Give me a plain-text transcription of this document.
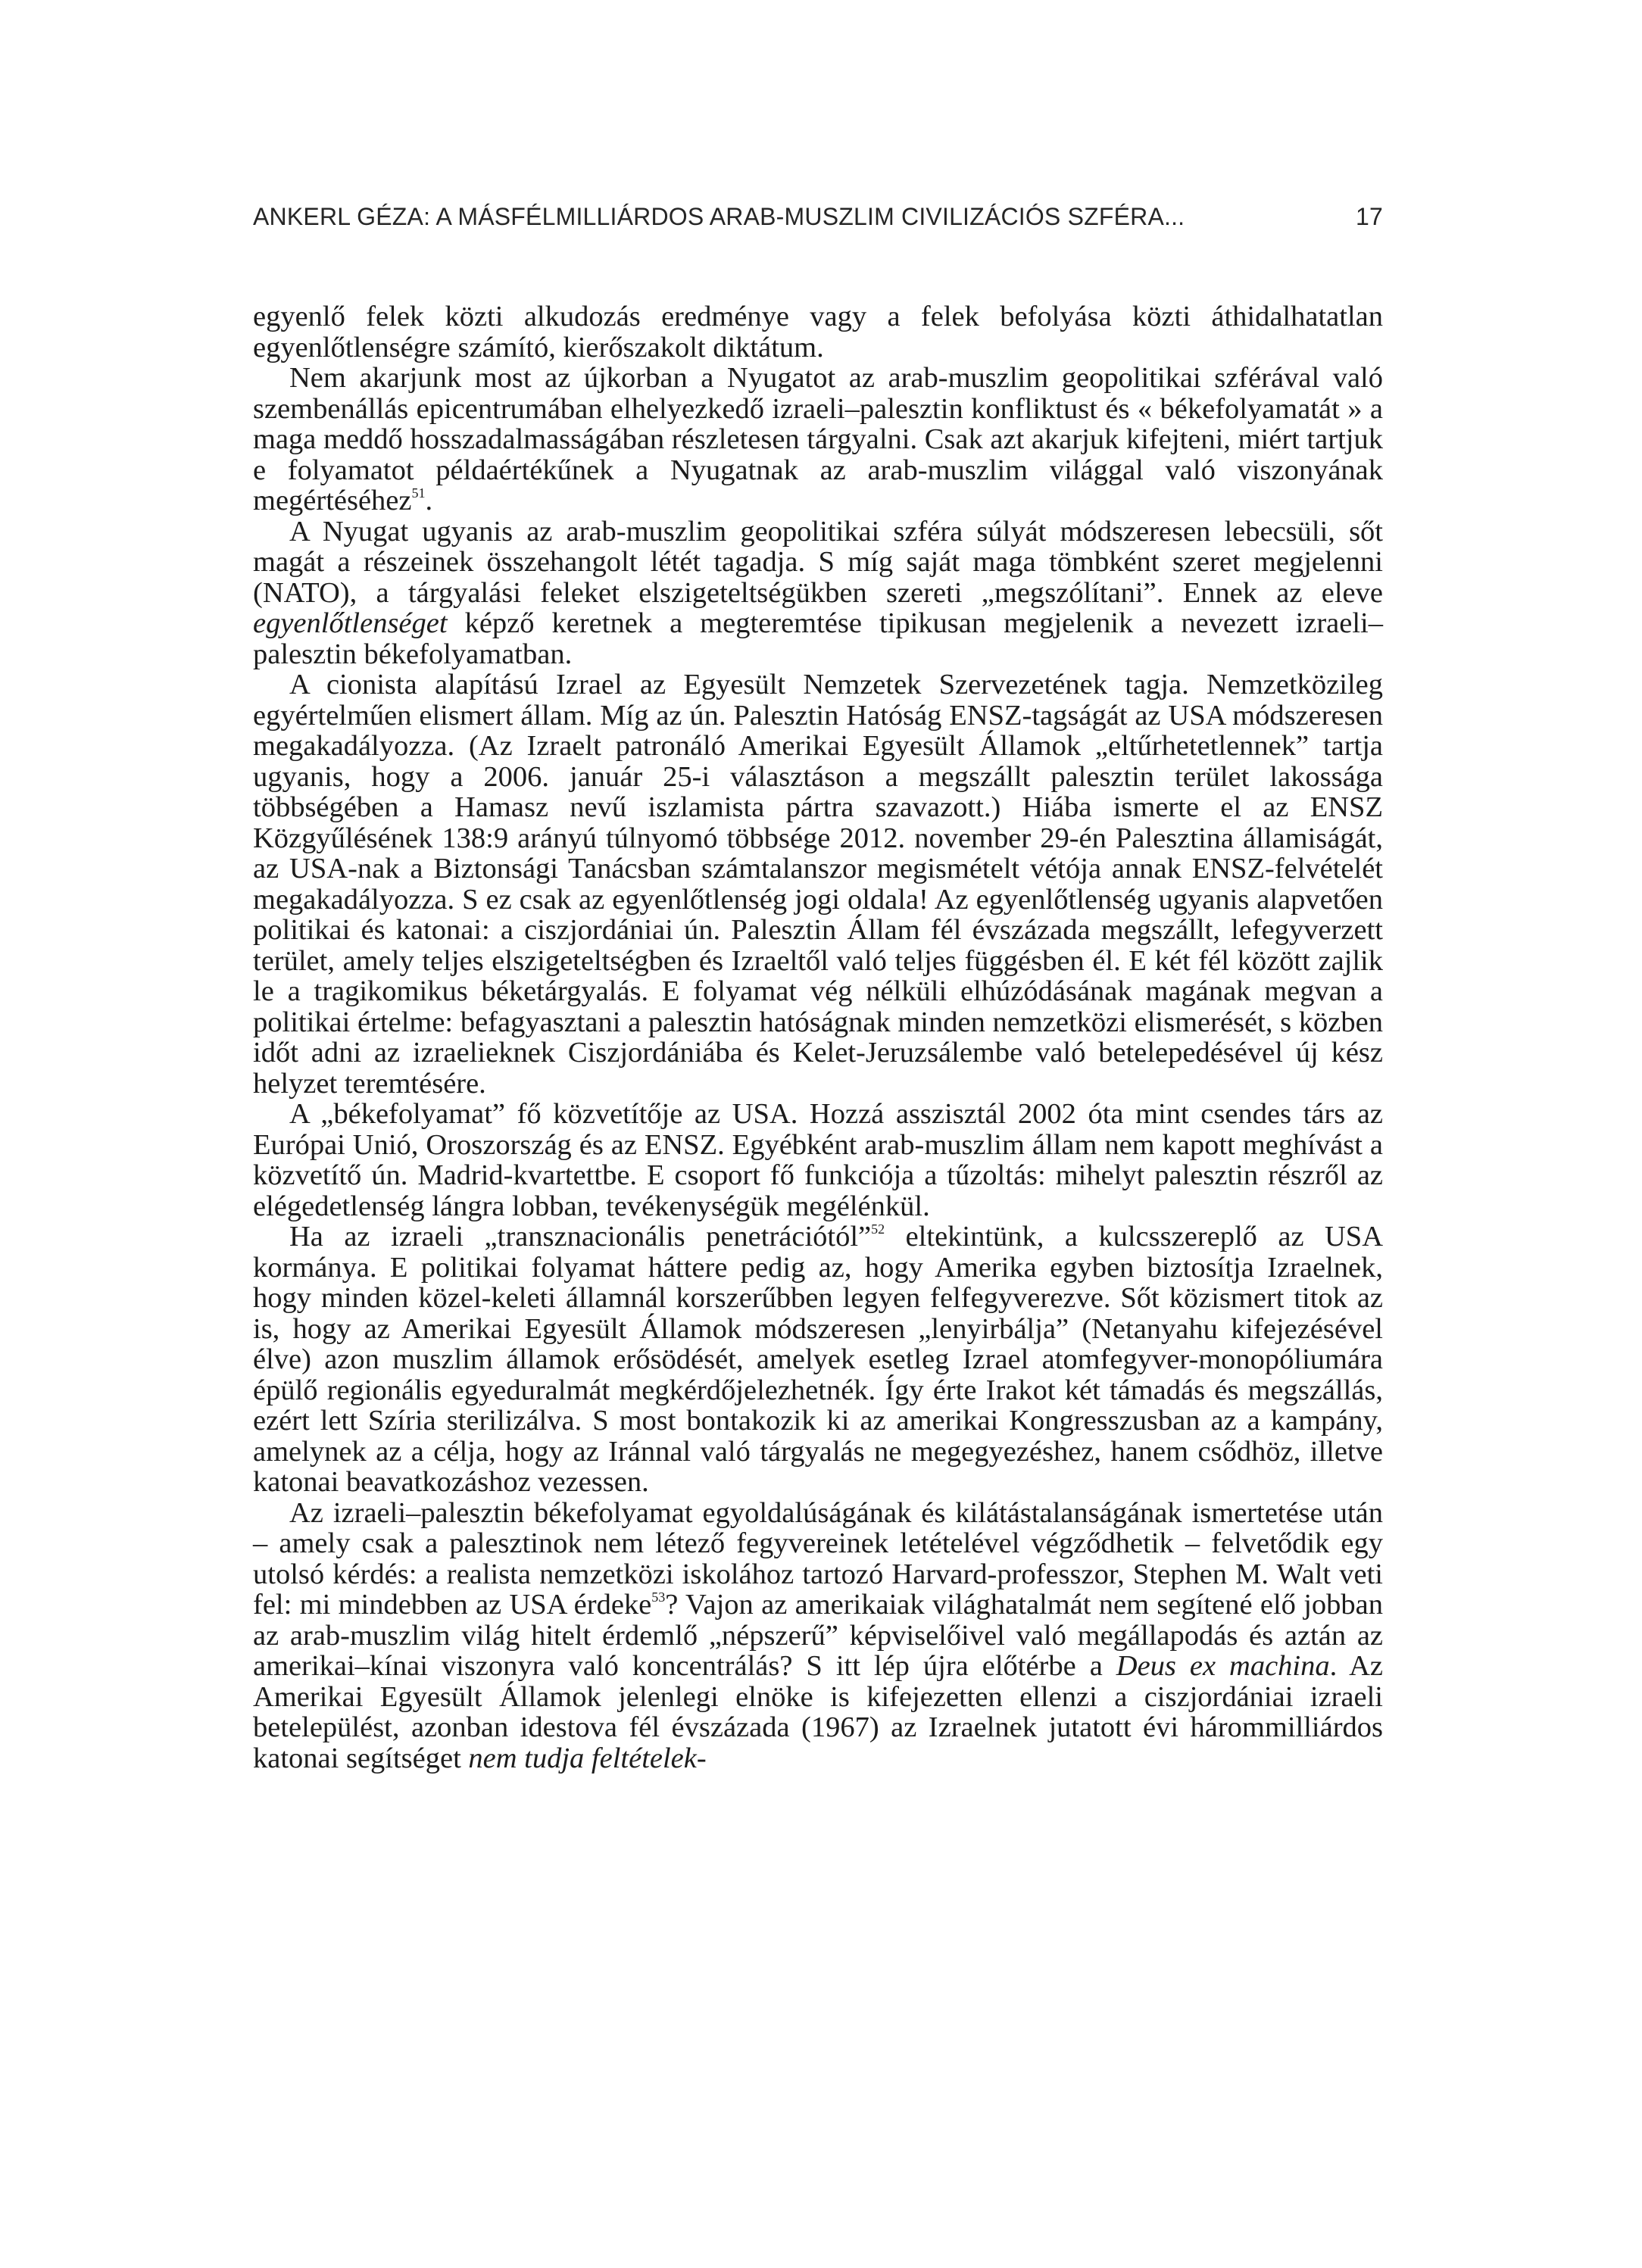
ANKERL GÉZA: A MÁSFÉLMILLIÁRDOS ARAB-MUSZLIM CIVILIZÁCIÓS SZFÉRA...	17

egyenlő felek közti alkudozás eredménye vagy a felek befolyása közti áthidalhatatlan egyenlőtlenségre számító, kierőszakolt diktátum.

Nem akarjunk most az újkorban a Nyugatot az arab-muszlim geopolitikai szférával való szembenállás epicentrumában elhelyezkedő izraeli–palesztin konfliktust és « békefolyamatát » a maga meddő hosszadalmasságában részletesen tárgyalni. Csak azt akarjuk kifejteni, miért tartjuk e folyamatot példaértékűnek a Nyugatnak az arab-muszlim világgal való viszonyának megértéséhez$^{51}$.

A Nyugat ugyanis az arab-muszlim geopolitikai szféra súlyát módszeresen lebecsüli, sőt magát a részeinek összehangolt létét tagadja. S míg saját maga tömbként szeret megjelenni (NATO), a tárgyalási feleket elszigeteltségükben szereti „megszólítani”. Ennek az eleve egyenlőtlenséget képző keretnek a megteremtése tipikusan megjelenik a nevezett izraeli–palesztin békefolyamatban.

A cionista alapítású Izrael az Egyesült Nemzetek Szervezetének tagja. Nemzetközileg egyértelműen elismert állam. Míg az ún. Palesztin Hatóság ENSZ-tagságát az USA módszeresen megakadályozza. (Az Izraelt patronáló Amerikai Egyesült Államok „eltűrhetetlennek” tartja ugyanis, hogy a 2006. január 25-i választáson a megszállt palesztin terület lakossága többségében a Hamasz nevű iszlamista pártra szavazott.) Hiába ismerte el az ENSZ Közgyűlésének 138:9 arányú túlnyomó többsége 2012. november 29-én Palesztina államiságát, az USA-nak a Biztonsági Tanácsban számtalanszor megismételt vétója annak ENSZ-felvételét megakadályozza. S ez csak az egyenlőtlenség jogi oldala! Az egyenlőtlenség ugyanis alapvetően politikai és katonai: a ciszjordániai ún. Palesztin Állam fél évszázada megszállt, lefegyverzett terület, amely teljes elszigeteltségben és Izraeltől való teljes függésben él. E két fél között zajlik le a tragikomikus béketárgyalás. E folyamat vég nélküli elhúzódásának magának megvan a politikai értelme: befagyasztani a palesztin hatóságnak minden nemzetközi elismerését, s közben időt adni az izraelieknek Ciszjordániába és Kelet-Jeruzsálembe való betelepedésével új kész helyzet teremtésére.

A „békefolyamat” fő közvetítője az USA. Hozzá asszisztál 2002 óta mint csendes társ az Európai Unió, Oroszország és az ENSZ. Egyébként arab-muszlim állam nem kapott meghívást a közvetítő ún. Madrid-kvartettbe. E csoport fő funkciója a tűzoltás: mihelyt palesztin részről az elégedetlenség lángra lobban, tevékenységük megélénkül.

Ha az izraeli „transznacionális penetrációtól”$^{52}$ eltekintünk, a kulcsszereplő az USA kormánya. E politikai folyamat háttere pedig az, hogy Amerika egyben biztosítja Izraelnek, hogy minden közel-keleti államnál korszerűbben legyen felfegyverezve. Sőt közismert titok az is, hogy az Amerikai Egyesült Államok módszeresen „lenyirbálja” (Netanyahu kifejezésével élve) azon muszlim államok erősödését, amelyek esetleg Izrael atomfegyver-monopóliumára épülő regionális egyeduralmát megkérdőjelezhetnék. Így érte Irakot két támadás és megszállás, ezért lett Szíria sterilizálva. S most bontakozik ki az amerikai Kongresszusban az a kampány, amelynek az a célja, hogy az Iránnal való tárgyalás ne megegyezéshez, hanem csődhöz, illetve katonai beavatkozáshoz vezessen.

Az izraeli–palesztin békefolyamat egyoldalúságának és kilátástalanságának ismertetése után – amely csak a palesztinok nem létező fegyvereinek letételével végződhetik – felvetődik egy utolsó kérdés: a realista nemzetközi iskolához tartozó Harvard-professzor, Stephen M. Walt veti fel: mi mindebben az USA érdeke$^{53}$? Vajon az amerikaiak világhatalmát nem segítené elő jobban az arab-muszlim világ hitelt érdemlő „népszerű” képviselőivel való megállapodás és aztán az amerikai–kínai viszonyra való koncentrálás? S itt lép újra előtérbe a Deus ex machina. Az Amerikai Egyesült Államok jelenlegi elnöke is kifejezetten ellenzi a ciszjordániai izraeli betelepülést, azonban idestova fél évszázada (1967) az Izraelnek jutatott évi hárommilliárdos katonai segítséget nem tudja feltételek-
